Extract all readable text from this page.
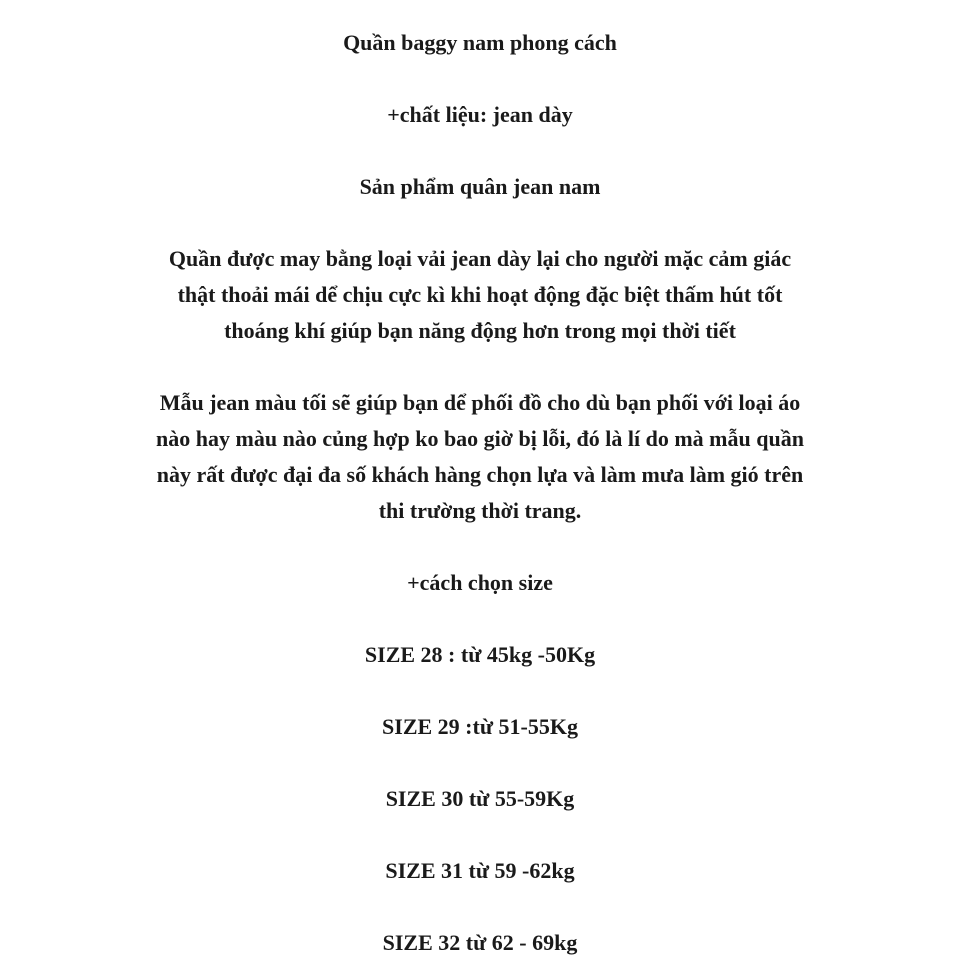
Quần baggy nam phong cách
+chất liệu: jean dày
Sản phẩm quân jean nam
Quần được may bằng loại vải jean dày lại cho người mặc cảm giác
thật thoải mái dể chịu cực kì khi hoạt động đặc biệt thấm hút tốt
thoáng khí giúp bạn năng động hơn trong mọi thời tiết
Mẫu jean màu tối sẽ giúp bạn dể phối đồ cho dù bạn phối với loại áo
nào hay màu nào củng hợp ko bao giờ bị lỗi, đó là lí do mà mẫu quần
này rất được đại đa số khách hàng chọn lựa và làm mưa làm gió trên
thi trường thời trang.
+cách chọn size
SIZE 28 : từ 45kg -50Kg
SIZE 29 :từ 51-55Kg
SIZE 30 từ 55-59Kg
SIZE 31 từ 59 -62kg
SIZE 32 từ 62 - 69kg
